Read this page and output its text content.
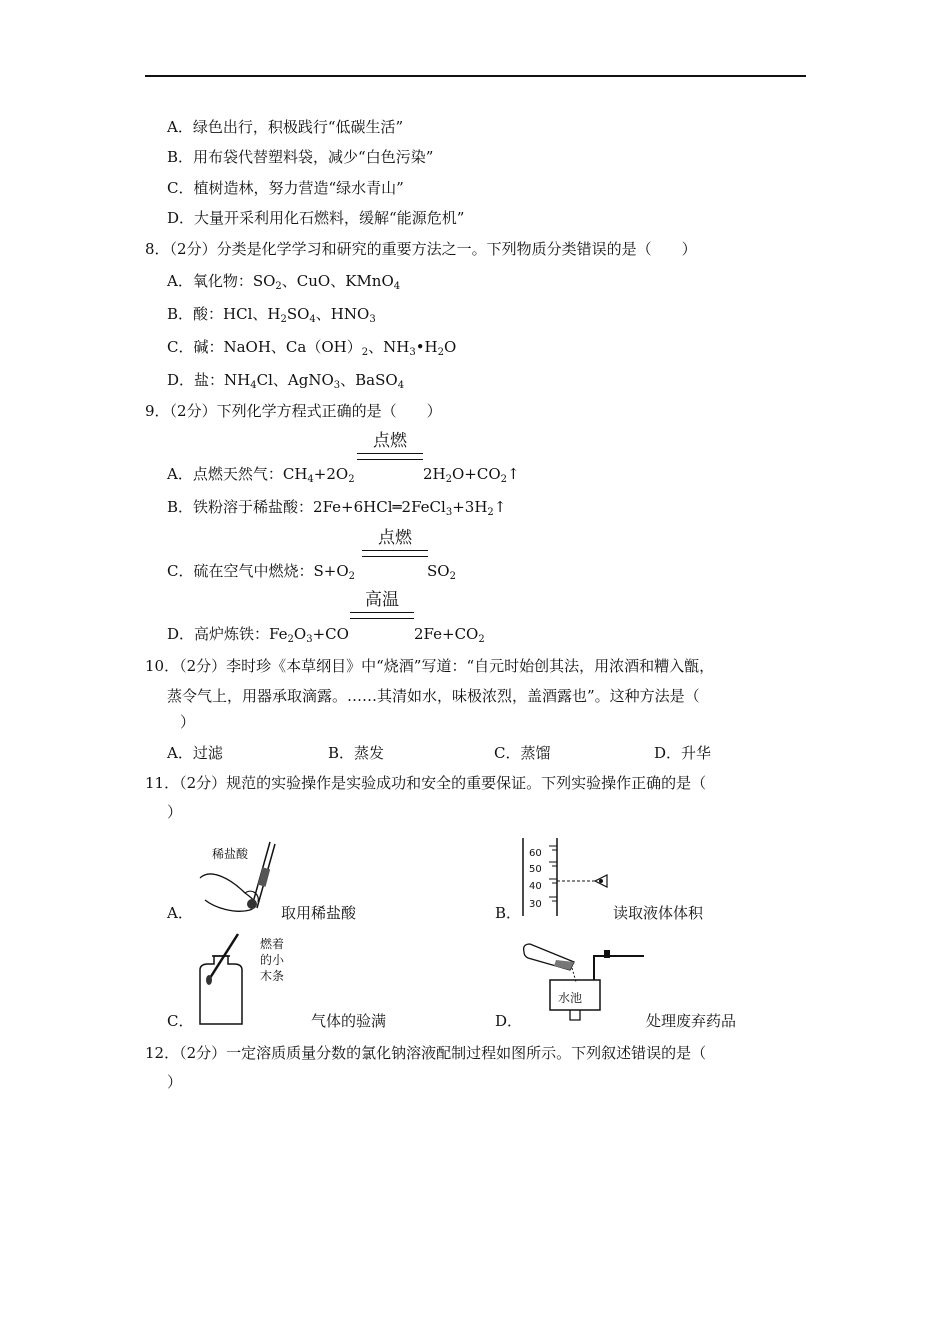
A．绿色出行，积极践行“低碳生活”
B．用布袋代替塑料袋，减少“白色污染”
C．植树造林，努力营造“绿水青山”
D．大量开采利用化石燃料，缓解“能源危机”
8．（2分）分类是化学学习和研究的重要方法之一。下列物质分类错误的是（　　）
A．氧化物：$SO_2$、CuO、KMnO$_4$
B．酸：HCl、$H_2SO_4$、$HNO_3$
C．碱：NaOH、$Ca(OH)_2$、$NH_3•H_2O$
D．盐：$NH_4Cl$、AgNO$_3$、BaSO$_4$
9．（2分）下列化学方程式正确的是（　　）
点燃
A．点燃天然气：$CH_4+2O_2$	$2H_2O+CO_2↑$
B．铁粉溶于稀盐酸：$2Fe+6HCl═2FeCl_3+3H_2↑$
点燃
C．硫在空气中燃烧：$S+O_2$	$SO_2$
高温
D．高炉炼铁：$Fe_2O_3+CO$	$2Fe+CO_2$
10．（2分）李时珍《本草纲目》中“烧酒”写道：“自元时始创其法，用浓酒和糟入甑，
蒸令气上，用器承取滴露。……其清如水，味极浓烈，盖酒露也”。这种方法是（
）
A．过滤	B．蒸发	C．蒸馏	D．升华
11．（2分）规范的实验操作是实验成功和安全的重要保证。下列实验操作正确的是（
）
稀盐酸
A．	取用稀盐酸
60
50
40
30
B．	读取液体体积
燃着
的小
木条
C．	气体的验满
水池
D．	处理废弃药品
12．（2分）一定溶质质量分数的氯化钠溶液配制过程如图所示。下列叙述错误的是（
）
